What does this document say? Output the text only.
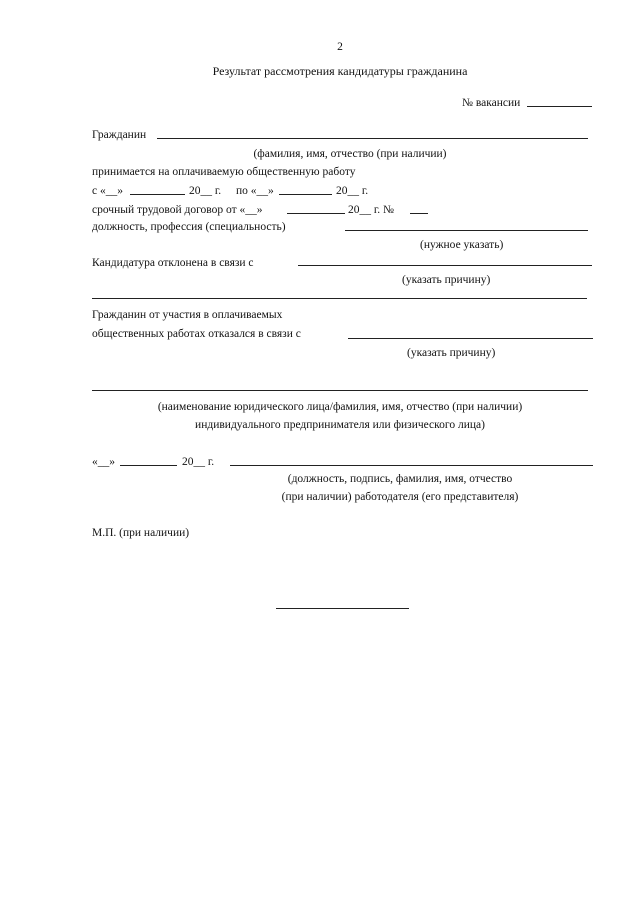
2
Результат рассмотрения кандидатуры гражданина
№ вакансии
Гражданин
(фамилия, имя, отчество (при наличии)
принимается на оплачиваемую общественную работу
с «__»	20__ г. по «__»	20__ г.
срочный трудовой договор от «__»	20__ г. №
должность, профессия (специальность)
(нужное указать)
Кандидатура отклонена в связи с
(указать причину)
Гражданин от участия в оплачиваемых
общественных работах отказался в связи с
(указать причину)
(наименование юридического лица/фамилия, имя, отчество (при наличии)
индивидуального предпринимателя или физического лица)
«__»	20__ г.
(должность, подпись, фамилия, имя, отчество
(при наличии) работодателя (его представителя)
М.П. (при наличии)
